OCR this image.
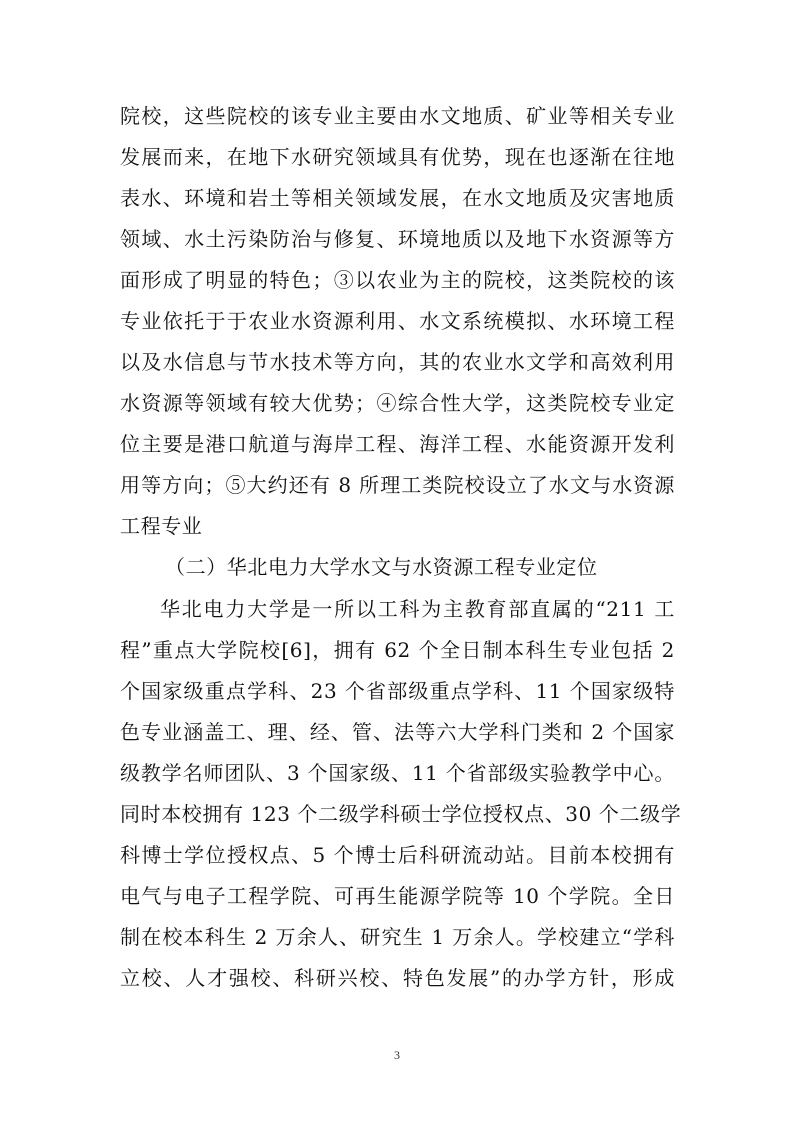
院校，这些院校的该专业主要由水文地质、矿业等相关专业
发展而来，在地下水研究领域具有优势，现在也逐渐在往地
表水、环境和岩土等相关领域发展，在水文地质及灾害地质
领域、水土污染防治与修复、环境地质以及地下水资源等方
面形成了明显的特色；③以农业为主的院校，这类院校的该
专业依托于于农业水资源利用、水文系统模拟、水环境工程
以及水信息与节水技术等方向，其的农业水文学和高效利用
水资源等领域有较大优势；④综合性大学，这类院校专业定
位主要是港口航道与海岸工程、海洋工程、水能资源开发利
用等方向；⑤大约还有 8 所理工类院校设立了水文与水资源
工程专业
（二）华北电力大学水文与水资源工程专业定位
华北电力大学是一所以工科为主教育部直属的“211 工
程”重点大学院校[6]，拥有 62 个全日制本科生专业包括 2
个国家级重点学科、23 个省部级重点学科、11 个国家级特
色专业涵盖工、理、经、管、法等六大学科门类和 2 个国家
级教学名师团队、3 个国家级、11 个省部级实验教学中心。
同时本校拥有 123 个二级学科硕士学位授权点、30 个二级学
科博士学位授权点、5 个博士后科研流动站。目前本校拥有
电气与电子工程学院、可再生能源学院等 10 个学院。全日
制在校本科生 2 万余人、研究生 1 万余人。学校建立“学科
立校、人才强校、科研兴校、特色发展”的办学方针，形成
3
